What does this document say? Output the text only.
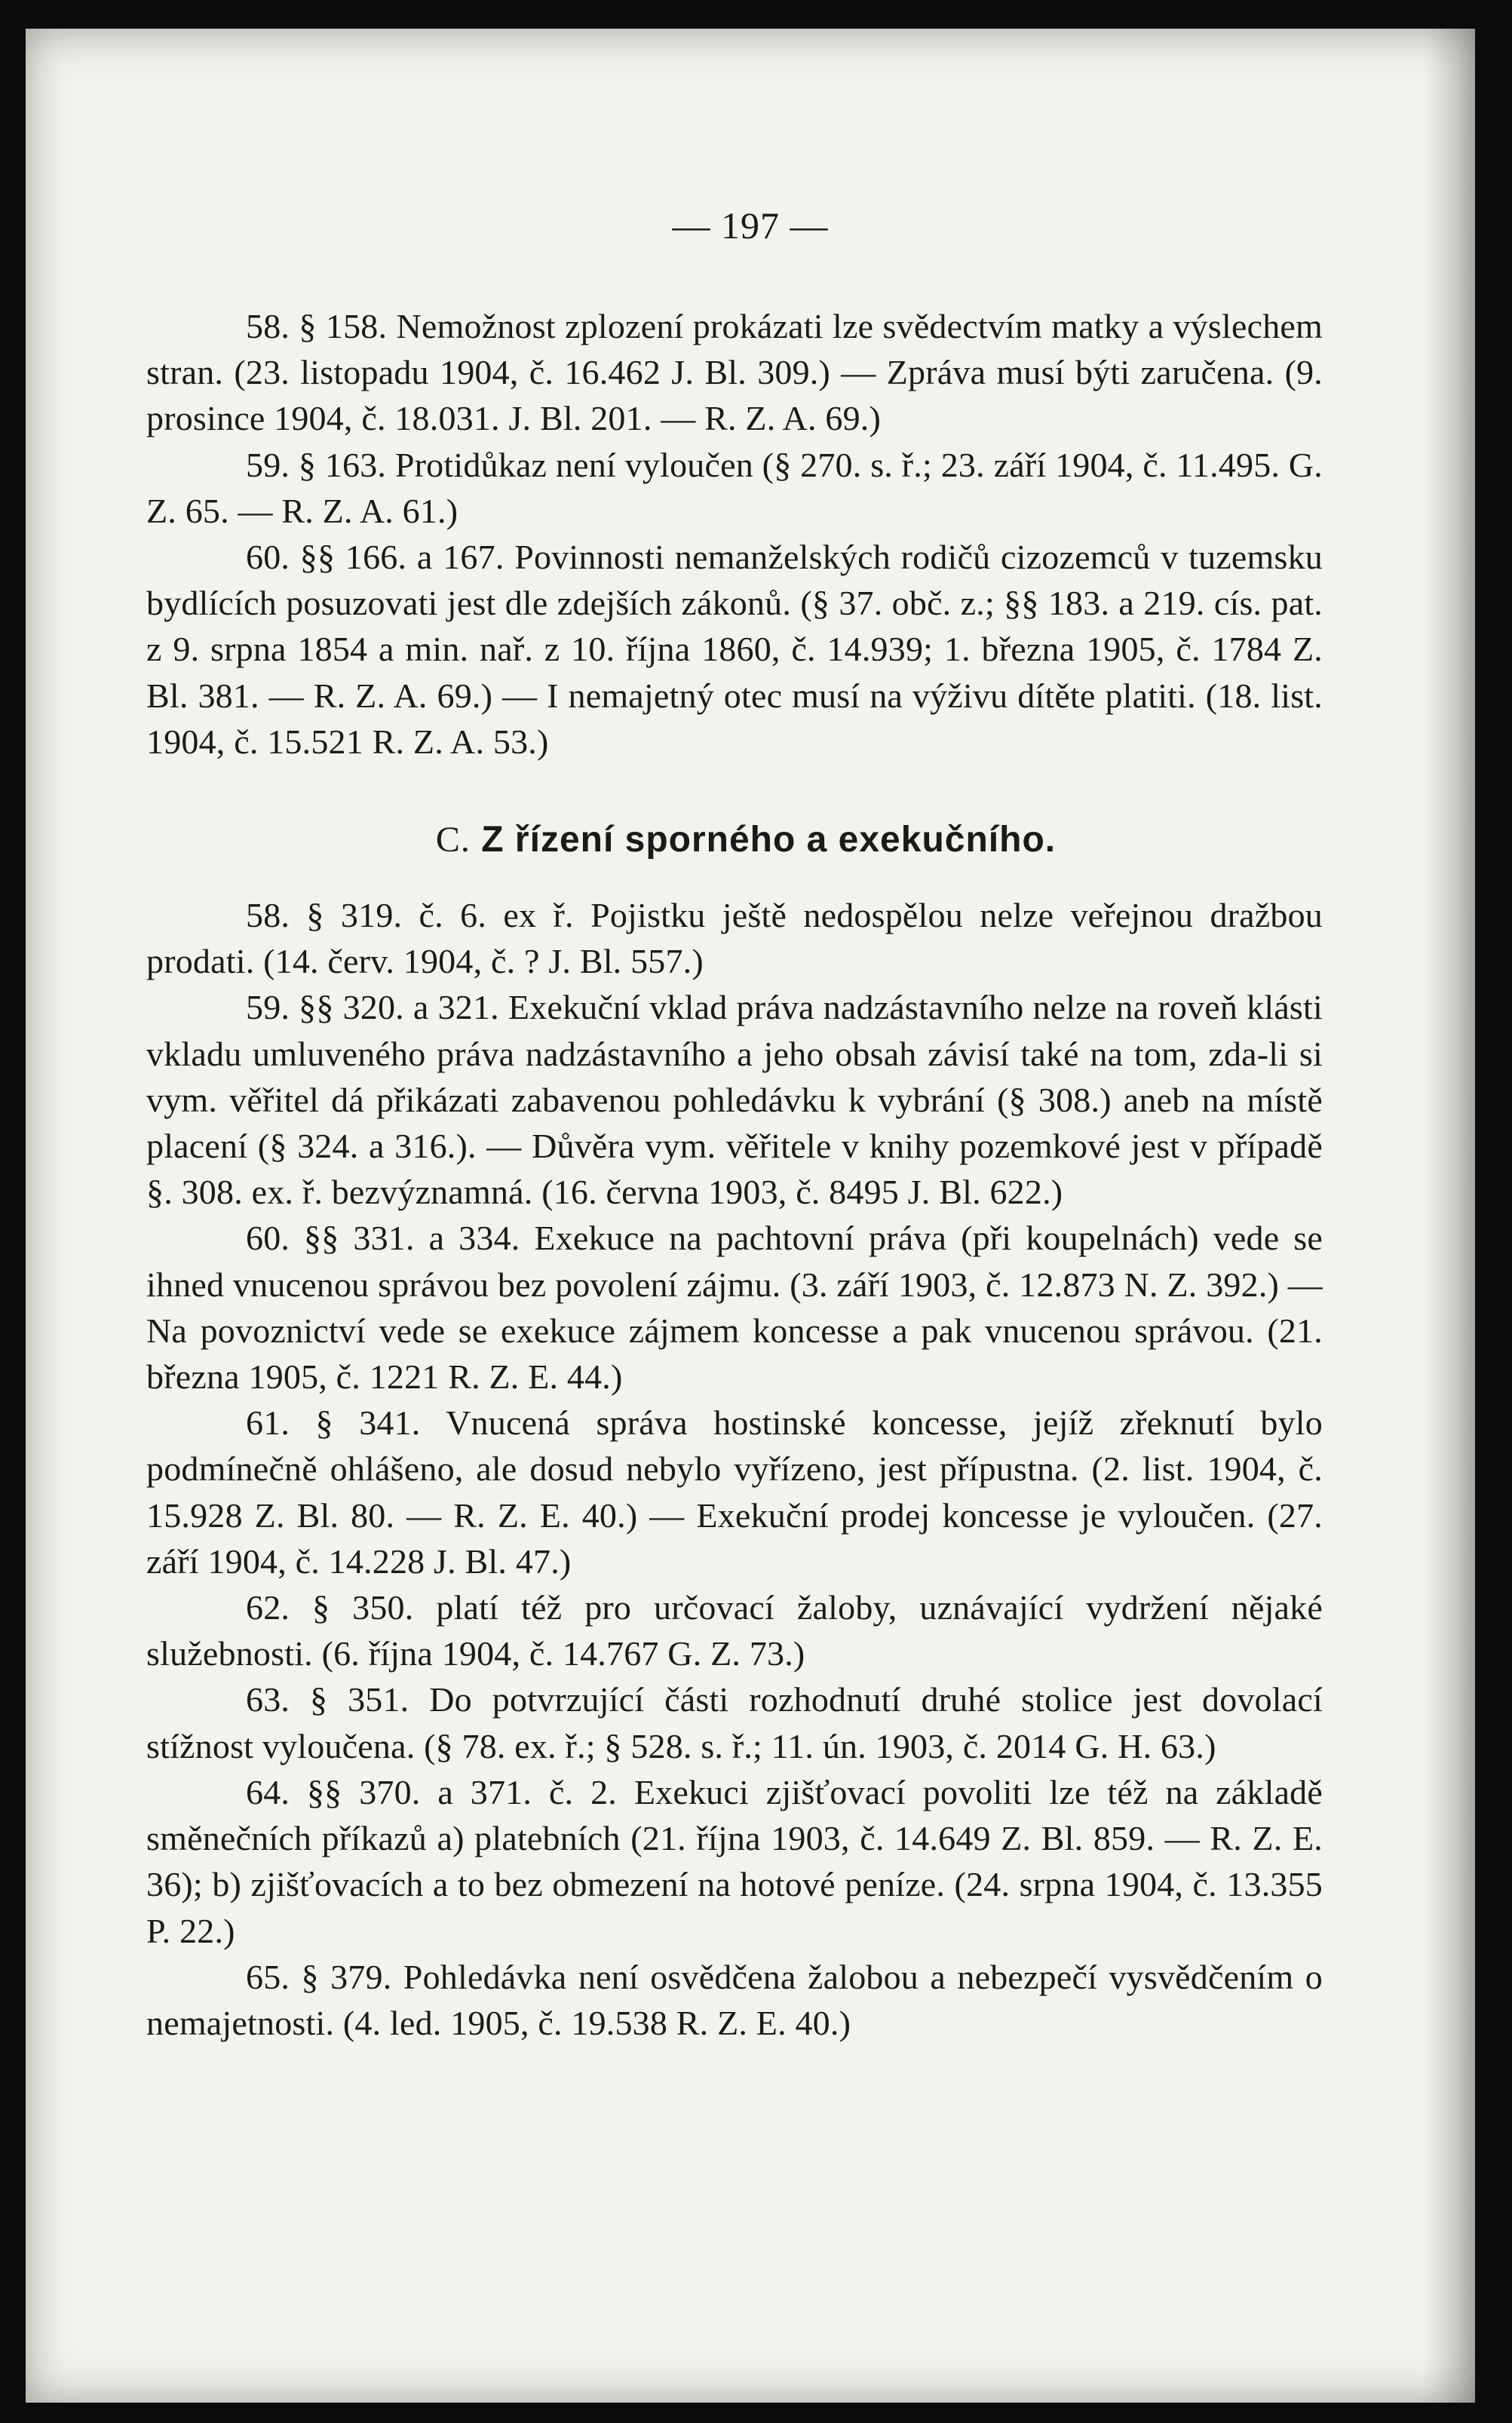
— 197 —

58. § 158. Nemožnost zplození prokázati lze svědectvím matky a výslechem stran. (23. listopadu 1904, č. 16.462 J. Bl. 309.) — Zpráva musí býti zaručena. (9. prosince 1904, č. 18.031. J. Bl. 201. — R. Z. A. 69.)

59. § 163. Protidůkaz není vyloučen (§ 270. s. ř.; 23. září 1904, č. 11.495. G. Z. 65. — R. Z. A. 61.)

60. §§ 166. a 167. Povinnosti nemanželských rodičů cizozemců v tuzemsku bydlících posuzovati jest dle zdejších zákonů. (§ 37. obč. z.; §§ 183. a 219. cís. pat. z 9. srpna 1854 a min. nař. z 10. října 1860, č. 14.939; 1. března 1905, č. 1784 Z. Bl. 381. — R. Z. A. 69.) — I nemajetný otec musí na výživu dítěte platiti. (18. list. 1904, č. 15.521 R. Z. A. 53.)

C. Z řízení sporného a exekučního.

58. § 319. č. 6. ex ř. Pojistku ještě nedospělou nelze veřejnou dražbou prodati. (14. červ. 1904, č. ? J. Bl. 557.)

59. §§ 320. a 321. Exekuční vklad práva nadzástavního nelze na roveň klásti vkladu umluveného práva nadzástavního a jeho obsah závisí také na tom, zda-li si vym. věřitel dá přikázati zabavenou pohledávku k vybrání (§ 308.) aneb na místě placení (§ 324. a 316.). — Důvěra vym. věřitele v knihy pozemkové jest v případě §. 308. ex. ř. bezvýznamná. (16. června 1903, č. 8495 J. Bl. 622.)

60. §§ 331. a 334. Exekuce na pachtovní práva (při koupelnách) vede se ihned vnucenou správou bez povolení zájmu. (3. září 1903, č. 12.873 N. Z. 392.) — Na povoznictví vede se exekuce zájmem koncesse a pak vnucenou správou. (21. března 1905, č. 1221 R. Z. E. 44.)

61. § 341. Vnucená správa hostinské koncesse, jejíž zřeknutí bylo podmínečně ohlášeno, ale dosud nebylo vyřízeno, jest přípustna. (2. list. 1904, č. 15.928 Z. Bl. 80. — R. Z. E. 40.) — Exekuční prodej koncesse je vyloučen. (27. září 1904, č. 14.228 J. Bl. 47.)

62. § 350. platí též pro určovací žaloby, uznávající vydržení nějaké služebnosti. (6. října 1904, č. 14.767 G. Z. 73.)

63. § 351. Do potvrzující části rozhodnutí druhé stolice jest dovolací stížnost vyloučena. (§ 78. ex. ř.; § 528. s. ř.; 11. ún. 1903, č. 2014 G. H. 63.)

64. §§ 370. a 371. č. 2. Exekuci zjišťovací povoliti lze též na základě směnečních příkazů a) platebních (21. října 1903, č. 14.649 Z. Bl. 859. — R. Z. E. 36); b) zjišťovacích a to bez obmezení na hotové peníze. (24. srpna 1904, č. 13.355 P. 22.)

65. § 379. Pohledávka není osvědčena žalobou a nebezpečí vysvědčením o nemajetnosti. (4. led. 1905, č. 19.538 R. Z. E. 40.)
